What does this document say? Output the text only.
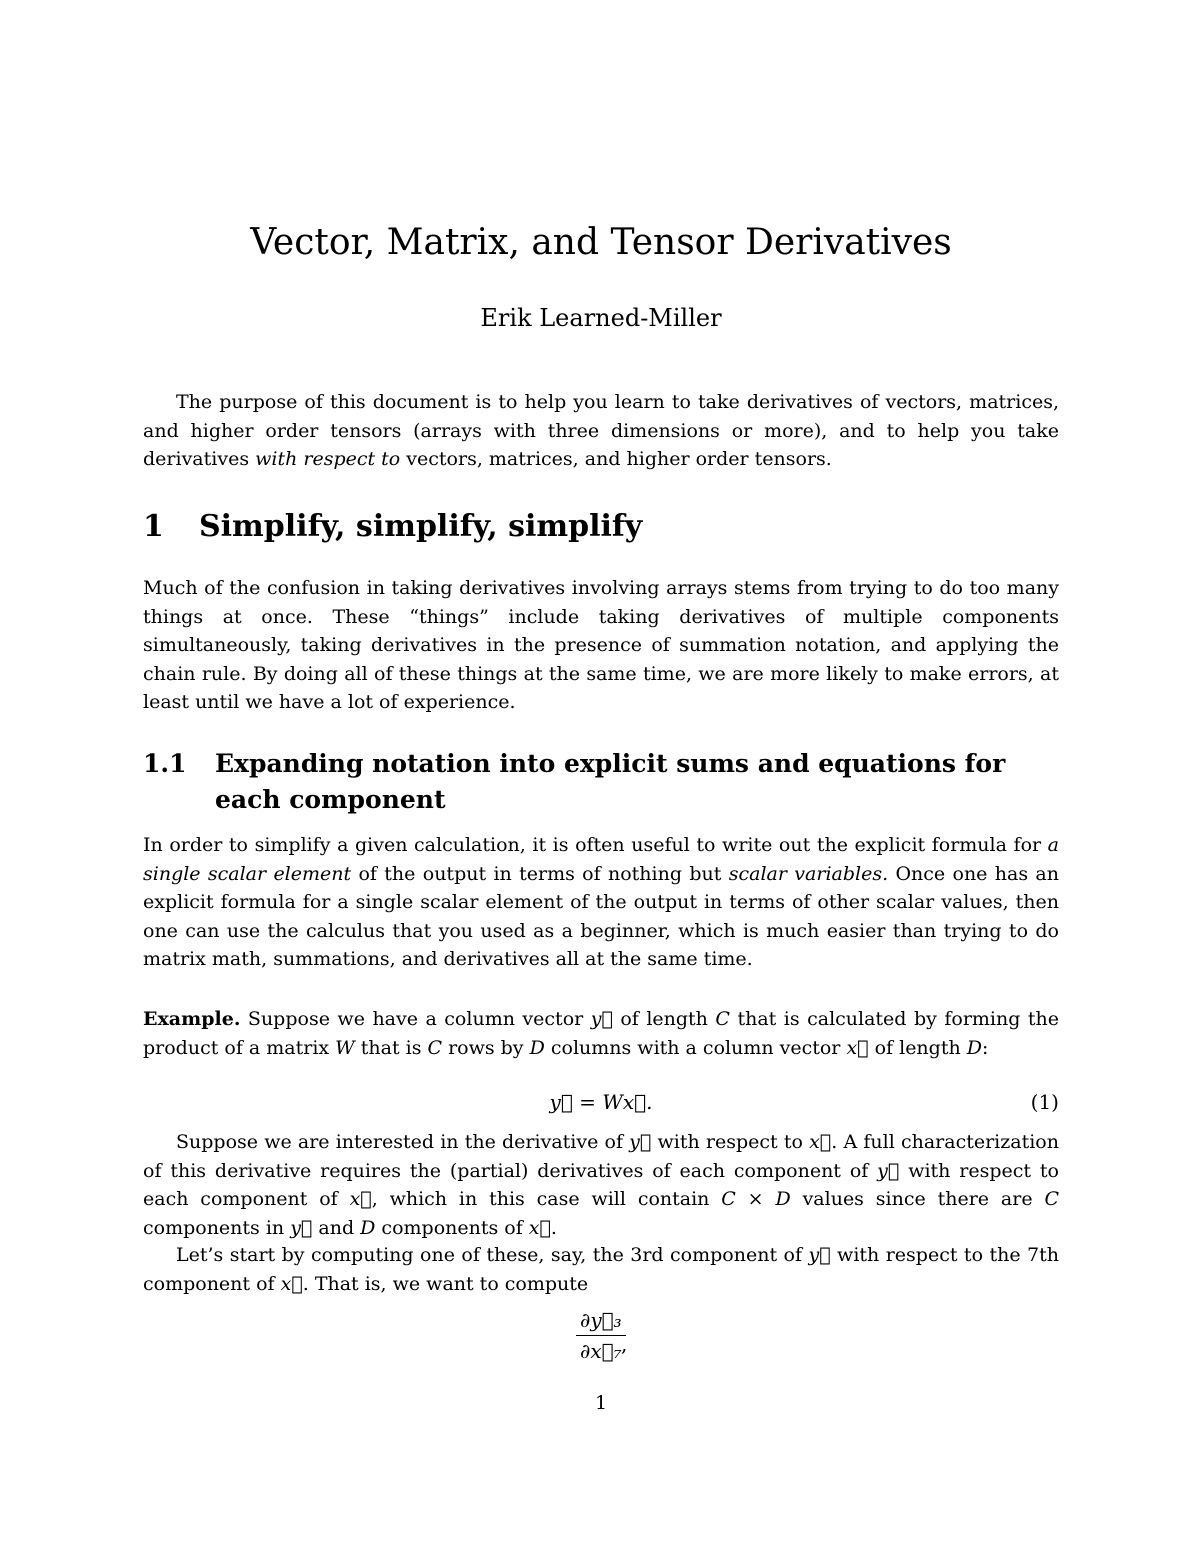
Vector, Matrix, and Tensor Derivatives
Erik Learned-Miller

The purpose of this document is to help you learn to take derivatives of vectors, matrices, and higher order tensors (arrays with three dimensions or more), and to help you take derivatives with respect to vectors, matrices, and higher order tensors.

1 Simplify, simplify, simplify

Much of the confusion in taking derivatives involving arrays stems from trying to do too many things at once. These “things” include taking derivatives of multiple components simultaneously, taking derivatives in the presence of summation notation, and applying the chain rule. By doing all of these things at the same time, we are more likely to make errors, at least until we have a lot of experience.

1.1 Expanding notation into explicit sums and equations for each component

In order to simplify a given calculation, it is often useful to write out the explicit formula for a single scalar element of the output in terms of nothing but scalar variables. Once one has an explicit formula for a single scalar element of the output in terms of other scalar values, then one can use the calculus that you used as a beginner, which is much easier than trying to do matrix math, summations, and derivatives all at the same time.

Example. Suppose we have a column vector y⃗ of length C that is calculated by forming the product of a matrix W that is C rows by D columns with a column vector x⃗ of length D:

y⃗ = Wx⃗.	(1)

Suppose we are interested in the derivative of y⃗ with respect to x⃗. A full characterization of this derivative requires the (partial) derivatives of each component of y⃗ with respect to each component of x⃗, which in this case will contain C × D values since there are C components in y⃗ and D components of x⃗.

Let’s start by computing one of these, say, the 3rd component of y⃗ with respect to the 7th component of x⃗. That is, we want to compute

∂y⃗₃
∂x⃗₇ ,
1
